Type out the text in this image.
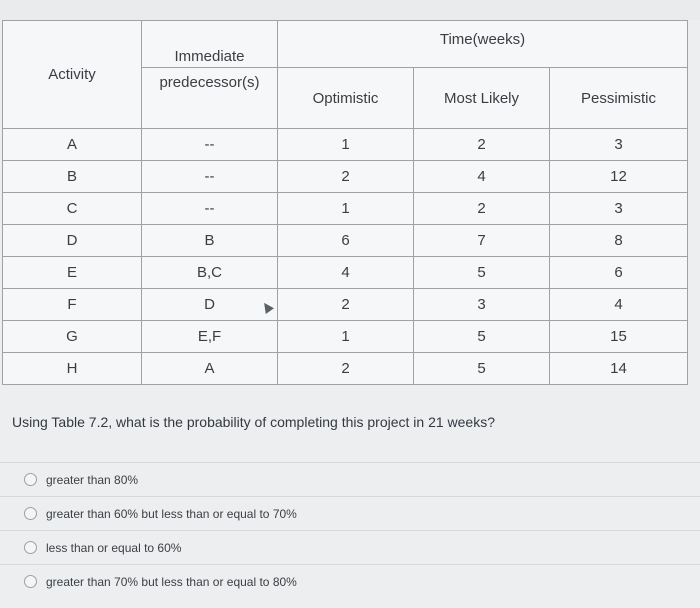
Activity	Immediate	Time(weeks)		
	predecessor(s)	Optimistic	Most Likely	Pessimistic
A	--	1	2	3
B	--	2	4	12
C	--	1	2	3
D	B	6	7	8
E	B,C	4	5	6
F	D	2	3	4
G	E,F	1	5	15
H	A	2	5	14
Using Table 7.2, what is the probability of completing this project in 21 weeks?
greater than 80%
greater than 60% but less than or equal to 70%
less than or equal to 60%
greater than 70% but less than or equal to 80%
